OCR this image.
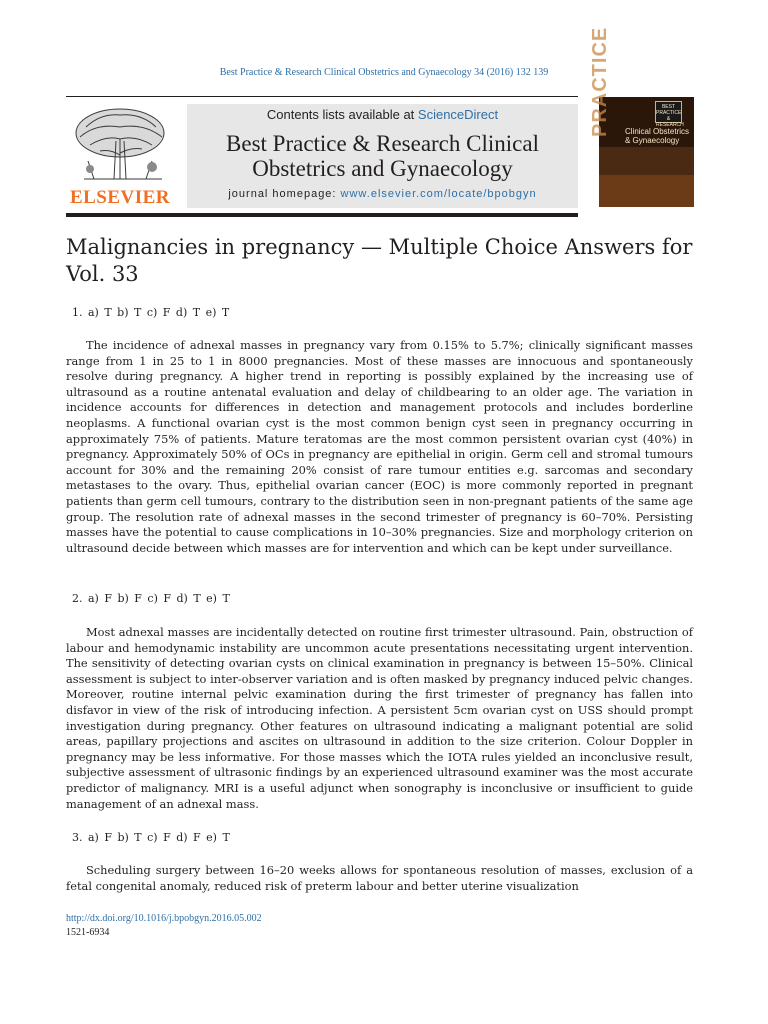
Best Practice & Research Clinical Obstetrics and Gynaecology 34 (2016) 132 139
ELSEVIER
Contents lists available at ScienceDirect
Best Practice & Research Clinical
Obstetrics and Gynaecology
journal homepage: www.elsevier.com/locate/bpobgyn
PRACTICE	BEST PRACTICE & RESEARCH
Clinical Obstetrics & Gynaecology
Malignancies in pregnancy — Multiple Choice Answers for Vol. 33
1. a) T b) T c) F d) T e) T
The incidence of adnexal masses in pregnancy vary from 0.15% to 5.7%; clinically significant masses range from 1 in 25 to 1 in 8000 pregnancies. Most of these masses are innocuous and spontaneously resolve during pregnancy. A higher trend in reporting is possibly explained by the increasing use of ultrasound as a routine antenatal evaluation and delay of childbearing to an older age. The variation in incidence accounts for differences in detection and management protocols and includes borderline neoplasms. A functional ovarian cyst is the most common benign cyst seen in pregnancy occurring in approximately 75% of patients. Mature teratomas are the most common persistent ovarian cyst (40%) in pregnancy. Approximately 50% of OCs in pregnancy are epithelial in origin. Germ cell and stromal tumours account for 30% and the remaining 20% consist of rare tumour entities e.g. sarcomas and secondary metastases to the ovary. Thus, epithelial ovarian cancer (EOC) is more commonly reported in pregnant patients than germ cell tumours, contrary to the distribution seen in non-pregnant patients of the same age group. The resolution rate of adnexal masses in the second trimester of pregnancy is 60–70%. Persisting masses have the potential to cause complications in 10–30% pregnancies. Size and morphology criterion on ultrasound decide between which masses are for intervention and which can be kept under surveillance.
2. a) F b) F c) F d) T e) T
Most adnexal masses are incidentally detected on routine first trimester ultrasound. Pain, obstruction of labour and hemodynamic instability are uncommon acute presentations necessitating urgent intervention. The sensitivity of detecting ovarian cysts on clinical examination in pregnancy is between 15–50%. Clinical assessment is subject to inter-observer variation and is often masked by pregnancy induced pelvic changes. Moreover, routine internal pelvic examination during the first trimester of pregnancy has fallen into disfavor in view of the risk of introducing infection. A persistent 5cm ovarian cyst on USS should prompt investigation during pregnancy. Other features on ultrasound indicating a malignant potential are solid areas, papillary projections and ascites on ultrasound in addition to the size criterion. Colour Doppler in pregnancy may be less informative. For those masses which the IOTA rules yielded an inconclusive result, subjective assessment of ultrasonic findings by an experienced ultrasound examiner was the most accurate predictor of malignancy. MRI is a useful adjunct when sonography is inconclusive or insufficient to guide management of an adnexal mass.
3. a) F b) T c) F d) F e) T
Scheduling surgery between 16–20 weeks allows for spontaneous resolution of masses, exclusion of a fetal congenital anomaly, reduced risk of preterm labour and better uterine visualization
http://dx.doi.org/10.1016/j.bpobgyn.2016.05.002
1521-6934
